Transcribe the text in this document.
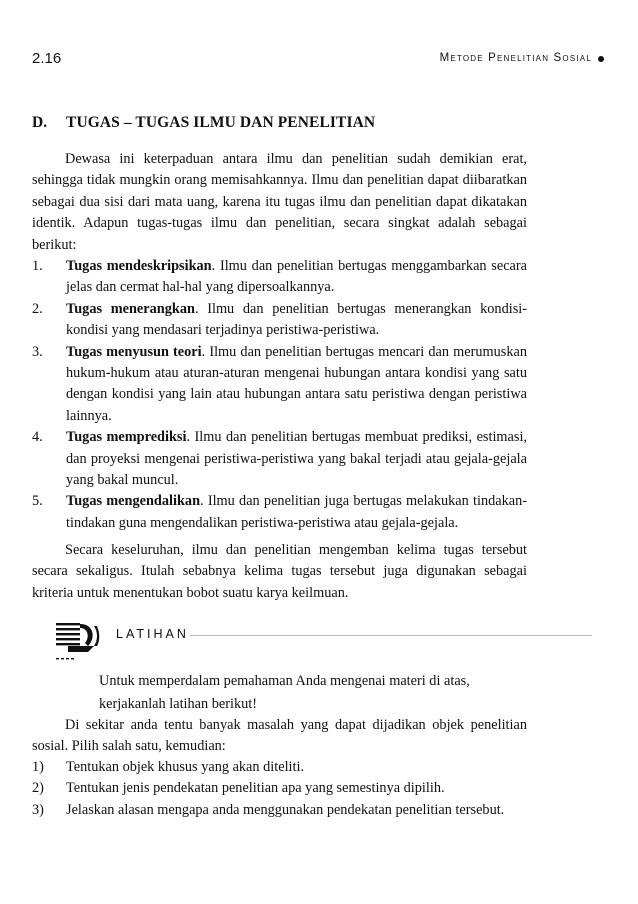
2.16	Metode Penelitian Sosial
D. TUGAS – TUGAS ILMU DAN PENELITIAN

Dewasa ini keterpaduan antara ilmu dan penelitian sudah demikian erat, sehingga tidak mungkin orang memisahkannya. Ilmu dan penelitian dapat diibaratkan sebagai dua sisi dari mata uang, karena itu tugas ilmu dan penelitian dapat dikatakan identik. Adapun tugas-tugas ilmu dan penelitian, secara singkat adalah sebagai berikut:

1. Tugas mendeskripsikan. Ilmu dan penelitian bertugas menggambarkan secara jelas dan cermat hal-hal yang dipersoalkannya.
2. Tugas menerangkan. Ilmu dan penelitian bertugas menerangkan kondisi-kondisi yang mendasari terjadinya peristiwa-peristiwa.
3. Tugas menyusun teori. Ilmu dan penelitian bertugas mencari dan merumuskan hukum-hukum atau aturan-aturan mengenai hubungan antara kondisi yang satu dengan kondisi yang lain atau hubungan antara satu peristiwa dengan peristiwa lainnya.
4. Tugas memprediksi. Ilmu dan penelitian bertugas membuat prediksi, estimasi, dan proyeksi mengenai peristiwa-peristiwa yang bakal terjadi atau gejala-gejala yang bakal muncul.
5. Tugas mengendalikan. Ilmu dan penelitian juga bertugas melakukan tindakan-tindakan guna mengendalikan peristiwa-peristiwa atau gejala-gejala.

Secara keseluruhan, ilmu dan penelitian mengemban kelima tugas tersebut secara sekaligus. Itulah sebabnya kelima tugas tersebut juga digunakan sebagai kriteria untuk menentukan bobot suatu karya keilmuan.

LATIHAN

Untuk memperdalam pemahaman Anda mengenai materi di atas, kerjakanlah latihan berikut!

Di sekitar anda tentu banyak masalah yang dapat dijadikan objek penelitian sosial. Pilih salah satu, kemudian:

1) Tentukan objek khusus yang akan diteliti.
2) Tentukan jenis pendekatan penelitian apa yang semestinya dipilih.
3) Jelaskan alasan mengapa anda menggunakan pendekatan penelitian tersebut.
